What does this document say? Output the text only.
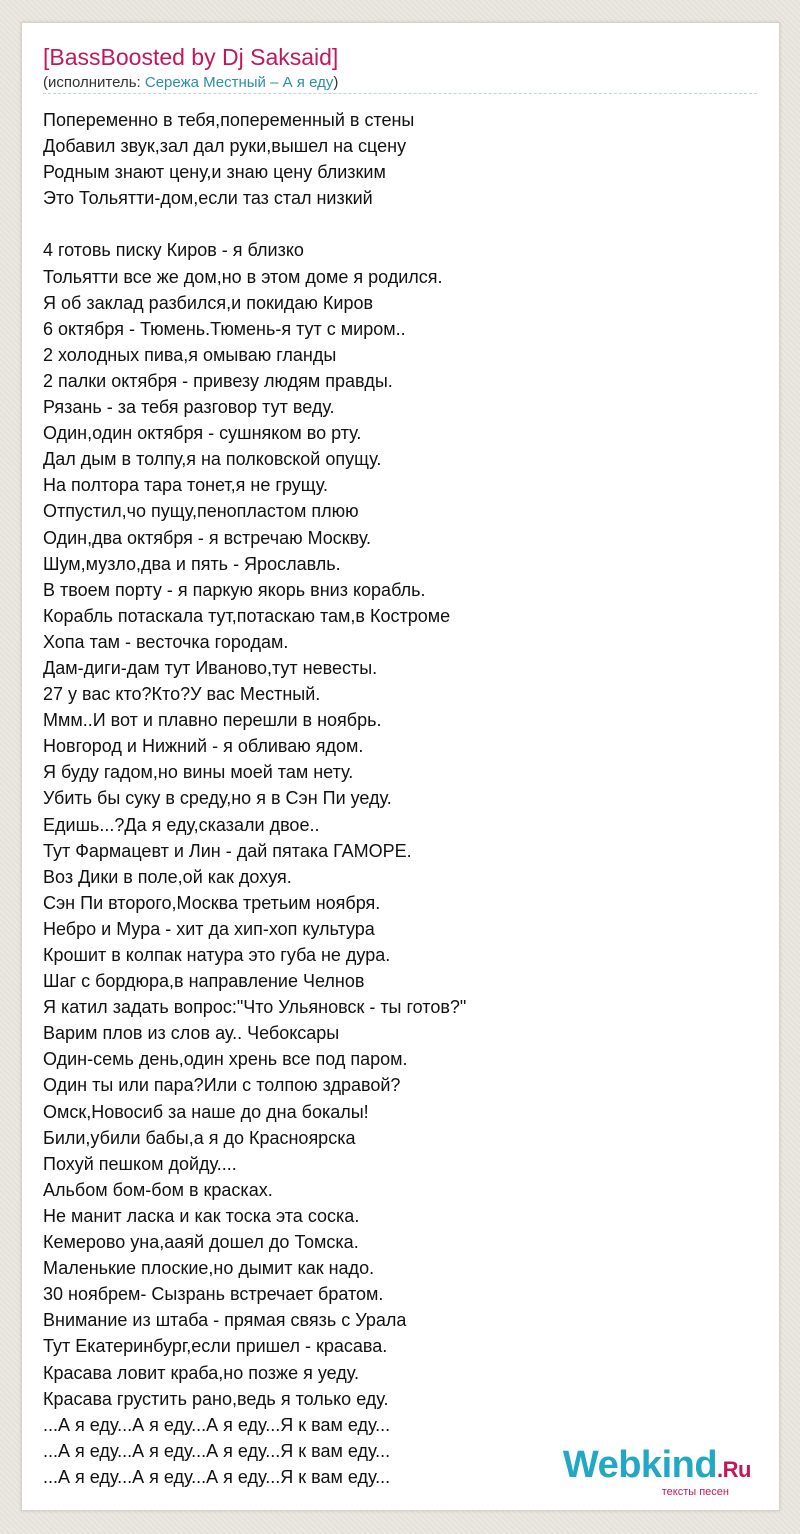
[BassBoosted by Dj Saksaid]
(исполнитель: Сережа Местный – А я еду)
Попеременно в тебя,попеременный в стены
Добавил звук,зал дал руки,вышел на сцену
Родным знают цену,и знаю цену близким
Это Тольятти-дом,если таз стал низкий

4 готовь писку Киров - я близко
Тольятти все же дом,но в этом доме я родился.
Я об заклад разбился,и покидаю Киров
6 октября - Тюмень.Тюмень-я тут с миром..
2 холодных пива,я омываю гланды
2 палки октября - привезу людям правды.
Рязань - за тебя разговор тут веду.
Один,один октября - сушняком во рту.
Дал дым в толпу,я на полковской опущу.
На полтора тара тонет,я не грущу.
Отпустил,чо пущу,пенопластом плюю
Один,два октября - я встречаю Москву.
Шум,музло,два и пять - Ярославль.
В твоем порту - я паркую якорь вниз корабль.
Корабль потаскала тут,потаскаю там,в Костроме
Хопа там - весточка городам.
Дам-диги-дам тут Иваново,тут невесты.
27 у вас кто?Кто?У вас Местный.
Ммм..И вот и плавно перешли в ноябрь.
Новгород и Нижний - я обливаю ядом.
Я буду гадом,но вины моей там нету.
Убить бы суку в среду,но я в Сэн Пи уеду.
Едишь...?Да я еду,сказали двое..
Тут Фармацевт и Лин - дай пятака ГАМОРЕ.
Воз Дики в поле,ой как дохуя.
Сэн Пи второго,Москва третьим ноября.
Небро и Мура - хит да хип-хоп культура
Крошит в колпак натура это губа не дура.
Шаг с бордюра,в направление Челнов
Я катил задать вопрос:"Что Ульяновск - ты готов?"
Варим плов из слов ау.. Чебоксары
Один-семь день,один хрень все под паром.
Один ты или пара?Или с толпою здравой?
Омск,Новосиб за наше до дна бокалы!
Били,убили бабы,а я до Красноярска
Похуй пешком дойду....
Альбом бом-бом в красках.
Не манит ласка и как тоска эта соска.
Кемерово уна,ааяй дошел до Томска.
Маленькие плоские,но дымит как надо.
30 ноябрем- Сызрань встречает братом.
Внимание из штаба - прямая связь с Урала
Тут Екатеринбург,если пришел - красава.
Красава ловит краба,но позже я уеду.
Красава грустить рано,ведь я только еду.
...А я еду...А я еду...А я еду...Я к вам еду...
...А я еду...А я еду...А я еду...Я к вам еду...
...А я еду...А я еду...А я еду...Я к вам еду...	Webkind.Ru
тексты песен
